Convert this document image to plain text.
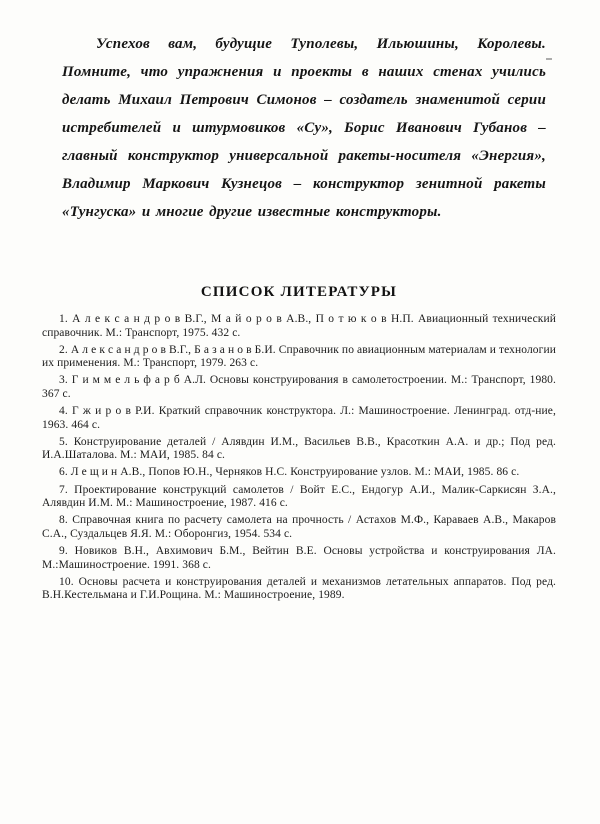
Успехов вам, будущие Туполевы, Ильюшины, Королевы. Помните, что упражнения и проекты в наших стенах учились делать Михаил Петрович Симонов – создатель знаменитой серии истребителей и штурмовиков «Су», Борис Иванович Губанов – главный конструктор универсальной ракеты-носителя «Энергия», Владимир Маркович Кузнецов – конструктор зенитной ракеты «Тунгуска» и многие другие известные конструкторы.

СПИСОК ЛИТЕРАТУРЫ

1. А л е к с а н д р о в В.Г., М а й о р о в А.В., П о т ю к о в Н.П. Авиационный технический справочник. М.: Транспорт, 1975. 432 с.

2. А л е к с а н д р о в В.Г., Б а з а н о в Б.И. Справочник по авиационным материалам и технологии их применения. М.: Транспорт, 1979. 263 с.

3. Г и м м е л ь ф а р б А.Л. Основы конструирования в самолетостроении. М.: Транспорт, 1980. 367 с.

4. Г ж и р о в Р.И. Краткий справочник конструктора. Л.: Машиностроение. Ленинград. отд-ние, 1963. 464 с.

5. Конструирование деталей / Алявдин И.М., Васильев В.В., Красоткин А.А. и др.; Под ред. И.А.Шаталова. М.: МАИ, 1985. 84 с.

6. Л е щ и н А.В., Попов Ю.Н., Черняков Н.С. Конструирование узлов. М.: МАИ, 1985. 86 с.

7. Проектирование конструкций самолетов / Войт Е.С., Ендогур А.И., Малик-Саркисян З.А., Алявдин И.М. М.: Машиностроение, 1987. 416 с.

8. Справочная книга по расчету самолета на прочность / Астахов М.Ф., Караваев А.В., Макаров С.А., Суздальцев Я.Я. М.: Оборонгиз, 1954. 534 с.

9. Новиков В.Н., Авхимович Б.М., Вейтин В.Е. Основы устройства и конструирования ЛА. М.:Машиностроение. 1991. 368 с.

10. Основы расчета и конструирования деталей и механизмов летательных аппаратов. Под ред. В.Н.Кестельмана и Г.И.Рощина. М.: Машиностроение, 1989.
